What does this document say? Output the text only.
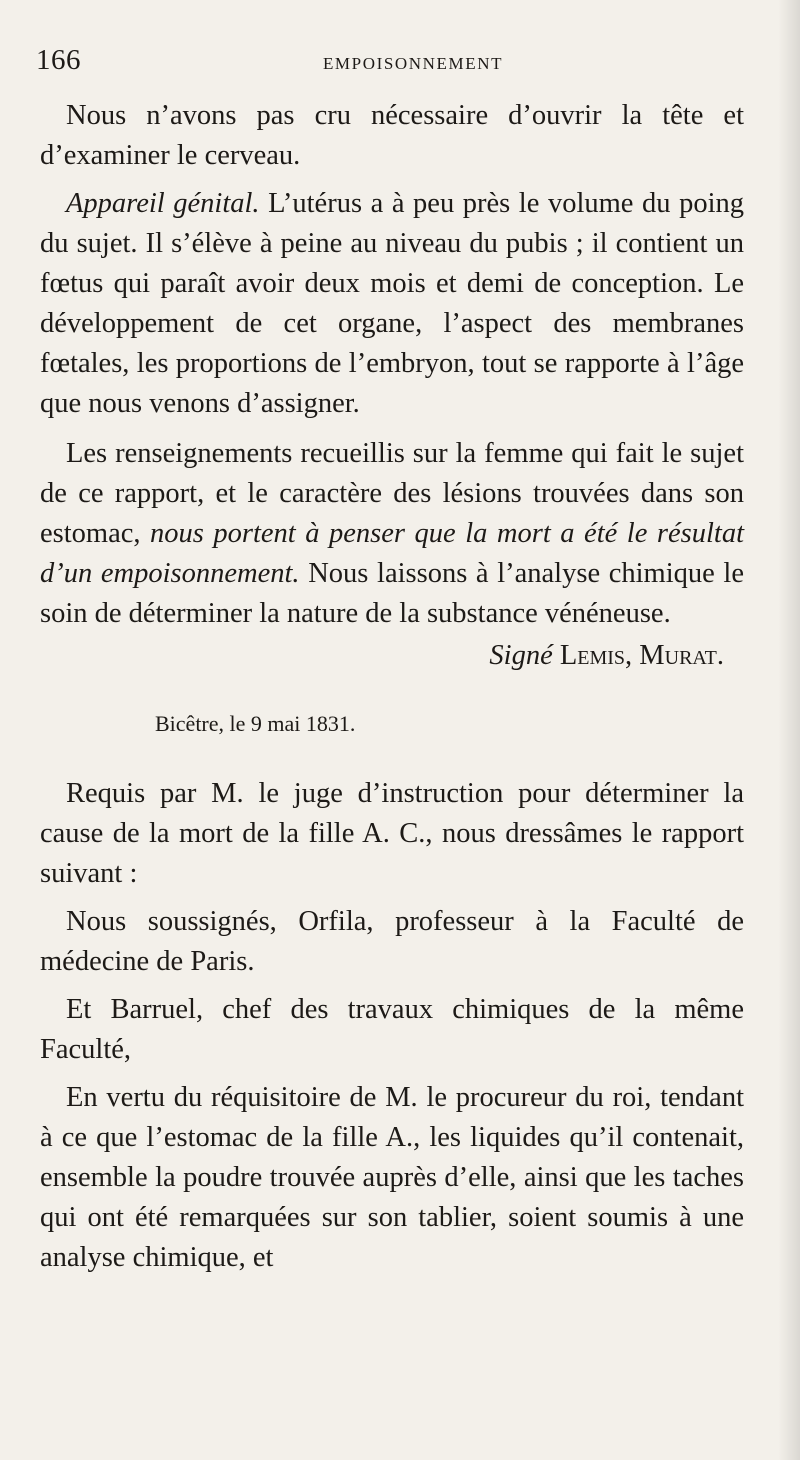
166	EMPOISONNEMENT

Nous n’avons pas cru nécessaire d’ouvrir la tête et d’examiner le cerveau.

Appareil génital. L’utérus a à peu près le volume du poing du sujet. Il s’élève à peine au niveau du pubis ; il contient un fœtus qui paraît avoir deux mois et demi de conception. Le développement de cet organe, l’aspect des membranes fœtales, les proportions de l’embryon, tout se rapporte à l’âge que nous venons d’assigner.

Les renseignements recueillis sur la femme qui fait le sujet de ce rapport, et le caractère des lésions trouvées dans son estomac, nous portent à penser que la mort a été le résultat d’un empoisonnement. Nous laissons à l’analyse chimique le soin de déterminer la nature de la substance vénéneuse.

Signé Lemis, Murat.

Bicêtre, le 9 mai 1831.

Requis par M. le juge d’instruction pour déterminer la cause de la mort de la fille A. C., nous dressâmes le rapport suivant :

Nous soussignés, Orfila, professeur à la Faculté de médecine de Paris.

Et Barruel, chef des travaux chimiques de la même Faculté,

En vertu du réquisitoire de M. le procureur du roi, tendant à ce que l’estomac de la fille A., les liquides qu’il contenait, ensemble la poudre trouvée auprès d’elle, ainsi que les taches qui ont été remarquées sur son tablier, soient soumis à une analyse chimique, et
